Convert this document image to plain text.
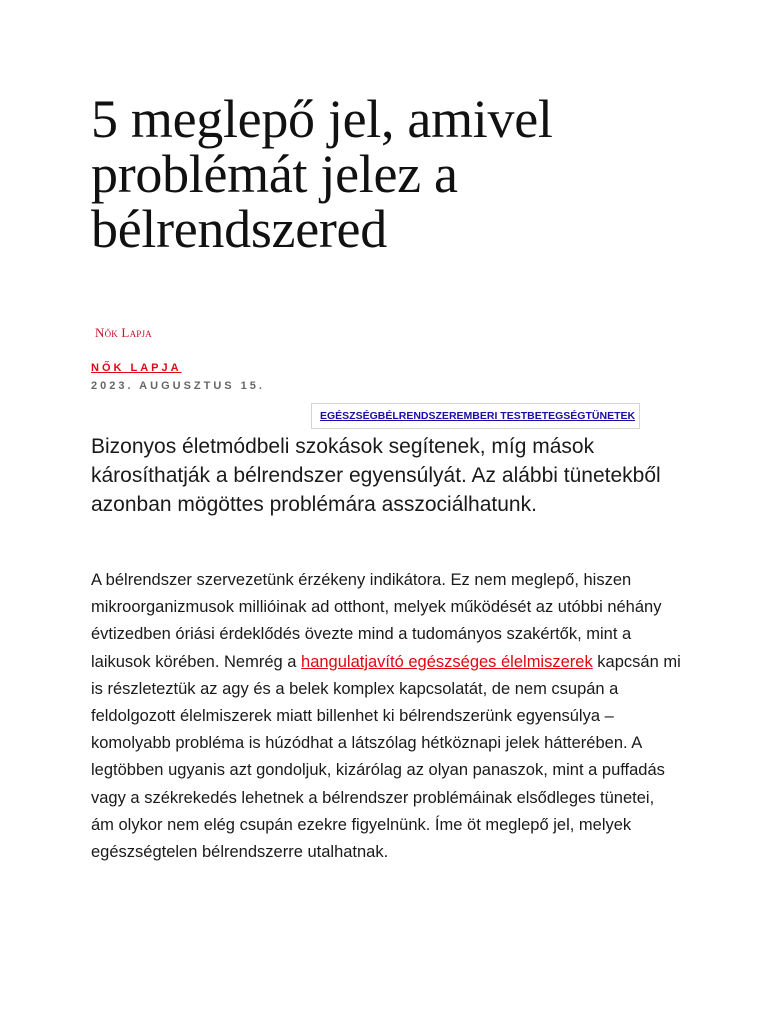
5 meglepő jel, amivel problémát jelez a bélrendszered
Nők Lapja
NŐK LAPJA
2023. AUGUSZTUS 15.
EGÉSZSÉG BÉLRENDSZER EMBERI TEST BETEGSÉG TÜNETEK

Bizonyos életmódbeli szokások segítenek, míg mások károsíthatják a bélrendszer egyensúlyát. Az alábbi tünetekből azonban mögöttes problémára asszociálhatunk.

A bélrendszer szervezetünk érzékeny indikátora. Ez nem meglepő, hiszen mikroorganizmusok millióinak ad otthont, melyek működését az utóbbi néhány évtizedben óriási érdeklődés övezte mind a tudományos szakértők, mint a laikusok körében. Nemrég a hangulatjavító egészséges élelmiszerek kapcsán mi is részleteztük az agy és a belek komplex kapcsolatát, de nem csupán a feldolgozott élelmiszerek miatt billenhet ki bélrendszerünk egyensúlya – komolyabb probléma is húzódhat a látszólag hétköznapi jelek hátterében. A legtöbben ugyanis azt gondoljuk, kizárólag az olyan panaszok, mint a puffadás vagy a székrekedés lehetnek a bélrendszer problémáinak elsődleges tünetei, ám olykor nem elég csupán ezekre figyelnünk. Íme öt meglepő jel, melyek egészségtelen bélrendszerre utalhatnak.
